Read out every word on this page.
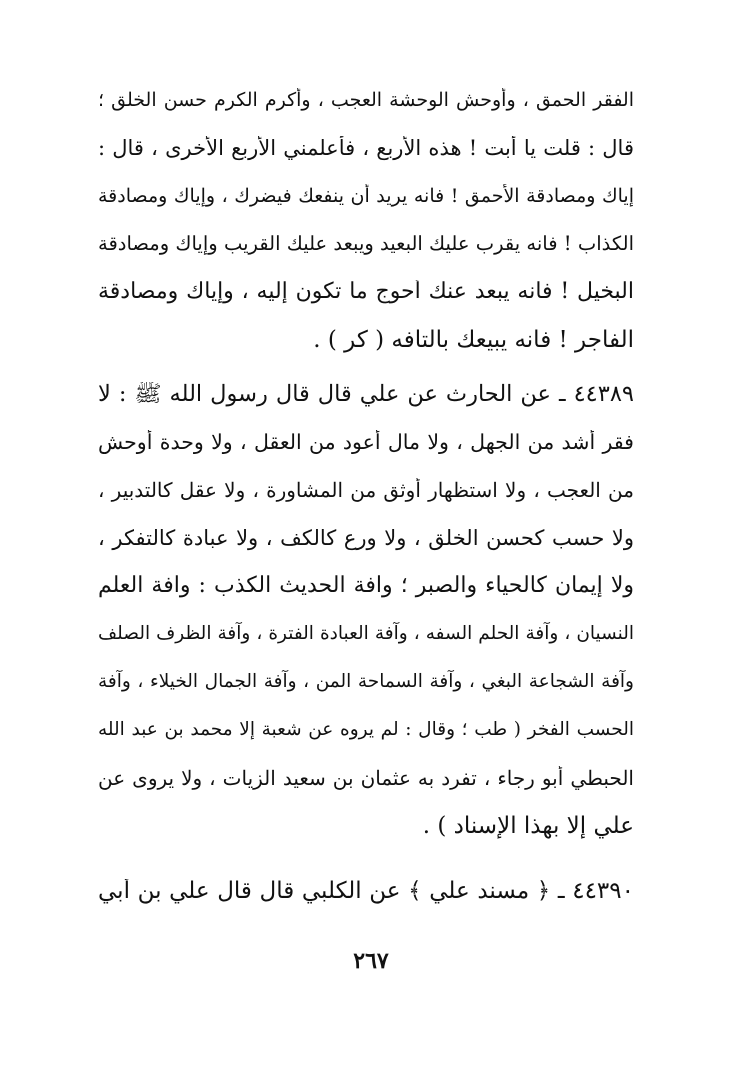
الفقر الحمق ، وأوحش الوحشة العجب ، وأكرم الكرم حسن الخلق ؛
قال : قلت يا أبت ! هذه الأربع ، فأعلمني الأربع الأخرى ، قال :
إياك ومصادقة الأحمق ! فانه يريد أن ينفعك فيضرك ، وإياك ومصادقة
الكذاب ! فانه يقرب عليك البعيد ويبعد عليك القريب وإياك ومصادقة
البخيل ! فانه يبعد عنك أحوج ما تكون إليه ، وإياك ومصادقة
الفاجر ! فانه يبيعك بالتافه ( كر ) .
٤٤٣٨٩ ـ عن الحارث عن علي قال قال رسول الله ﷺ : لا
فقر أشد من الجهل ، ولا مال أعود من العقل ، ولا وحدة أوحش
من العجب ، ولا استظهار أوثق من المشاورة ، ولا عقل كالتدبير ،
ولا حسب كحسن الخلق ، ولا ورع كالكف ، ولا عبادة كالتفكر ،
ولا إيمان كالحياء والصبر ؛ وآفة الحديث الكذب : وآفة العلم
النسيان ، وآفة الحلم السفه ، وآفة العبادة الفترة ، وآفة الظرف الصلف
وآفة الشجاعة البغي ، وآفة السماحة المن ، وآفة الجمال الخيلاء ، وآفة
الحسب الفخر ( طب ؛ وقال : لم يروه عن شعبة إلا محمد بن عبد الله
الحبطي أبو رجاء ، تفرد به عثمان بن سعيد الزيات ، ولا يروى عن
علي إلا بهذا الإسناد ) .
٤٤٣٩٠ ـ ﴿ مسند علي ﴾ عن الكلبي قال قال علي بن أبي
٢٦٧
